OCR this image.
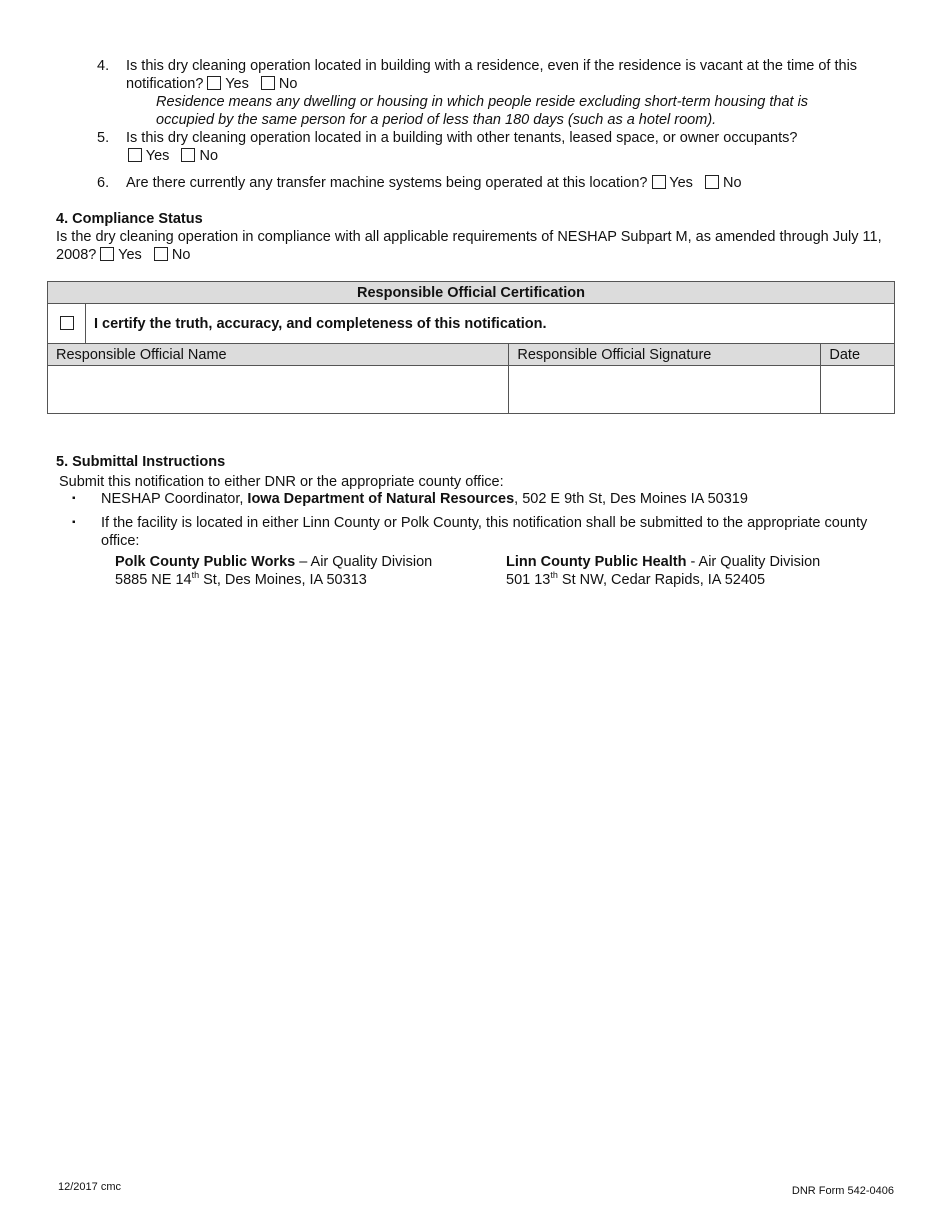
4. Is this dry cleaning operation located in building with a residence, even if the residence is vacant at the time of this notification? Yes No
Residence means any dwelling or housing in which people reside excluding short-term housing that is
occupied by the same person for a period of less than 180 days (such as a hotel room).
5. Is this dry cleaning operation located in a building with other tenants, leased space, or owner occupants?
Yes No
6. Are there currently any transfer machine systems being operated at this location? Yes No
4. Compliance Status
Is the dry cleaning operation in compliance with all applicable requirements of NESHAP Subpart M, as amended through July 11, 2008? Yes No
Responsible Official Certification			
	I certify the truth, accuracy, and completeness of this notification.		
Responsible Official Name		Responsible Official Signature	Date

5. Submittal Instructions
Submit this notification to either DNR or the appropriate county office:
▪ NESHAP Coordinator, Iowa Department of Natural Resources, 502 E 9th St, Des Moines IA 50319
▪ If the facility is located in either Linn County or Polk County, this notification shall be submitted to the appropriate county office:
Polk County Public Works – Air Quality Division
5885 NE 14th St, Des Moines, IA 50313
Linn County Public Health - Air Quality Division
501 13th St NW, Cedar Rapids, IA 52405
12/2017 cmc	DNR Form 542-0406
